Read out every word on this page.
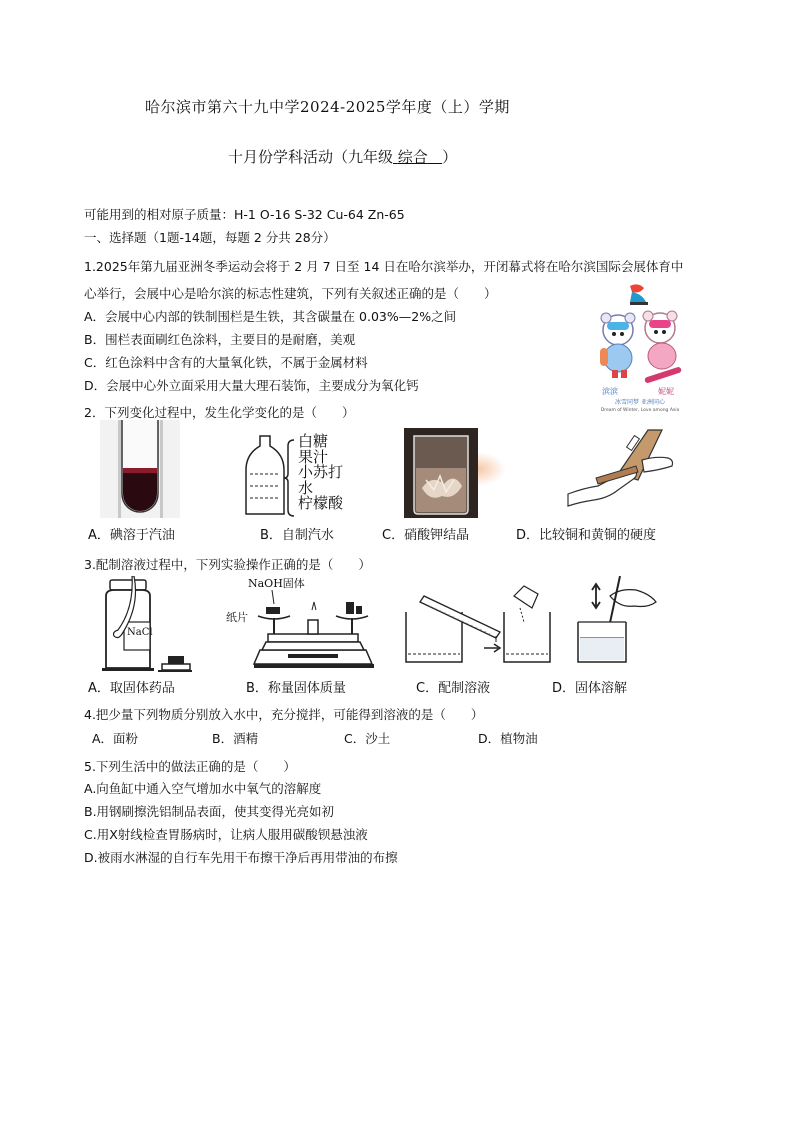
哈尔滨市第六十九中学2024-2025学年度（上）学期
十月份学科活动（九年级 综合 ）
可能用到的相对原子质量：H-1 O-16 S-32 Cu-64 Zn-65
一、选择题（1题-14题，每题 2 分共 28分）
1.2025年第九届亚洲冬季运动会将于 2 月 7 日至 14 日在哈尔滨举办，开闭幕式将在哈尔滨国际会展体育中
心举行，会展中心是哈尔滨的标志性建筑，下列有关叙述正确的是（　　）
A．会展中心内部的铁制围栏是生铁，其含碳量在 0.03%—2%之间
B．围栏表面刷红色涂料，主要目的是耐磨，美观
C．红色涂料中含有的大量氧化铁，不属于金属材料
D．会展中心外立面采用大量大理石装饰，主要成分为氧化钙	滨滨	妮妮
冰雪同梦 亚洲同心
Dream of Winter, Love among Asia
2．下列变化过程中，发生化学变化的是（　　）
A．碘溶于汽油
白糖
果汁
小苏打
水
柠檬酸
B．自制汽水	C．硝酸钾结晶	D．比较铜和黄铜的硬度
3.配制溶液过程中，下列实验操作正确的是（　　）
NaCl
A．取固体药品
NaOH固体
纸片
B．称量固体质量	C．配制溶液	D．固体溶解
4.把少量下列物质分别放入水中，充分搅拌，可能得到溶液的是（　　）
A．面粉	B．酒精	C．沙土	D．植物油
5.下列生活中的做法正确的是（　　）
A.向鱼缸中通入空气增加水中氧气的溶解度
B.用钢刷擦洗铝制品表面，使其变得光亮如初
C.用X射线检查胃肠病时，让病人服用碳酸钡悬浊液
D.被雨水淋湿的自行车先用干布擦干净后再用带油的布擦
